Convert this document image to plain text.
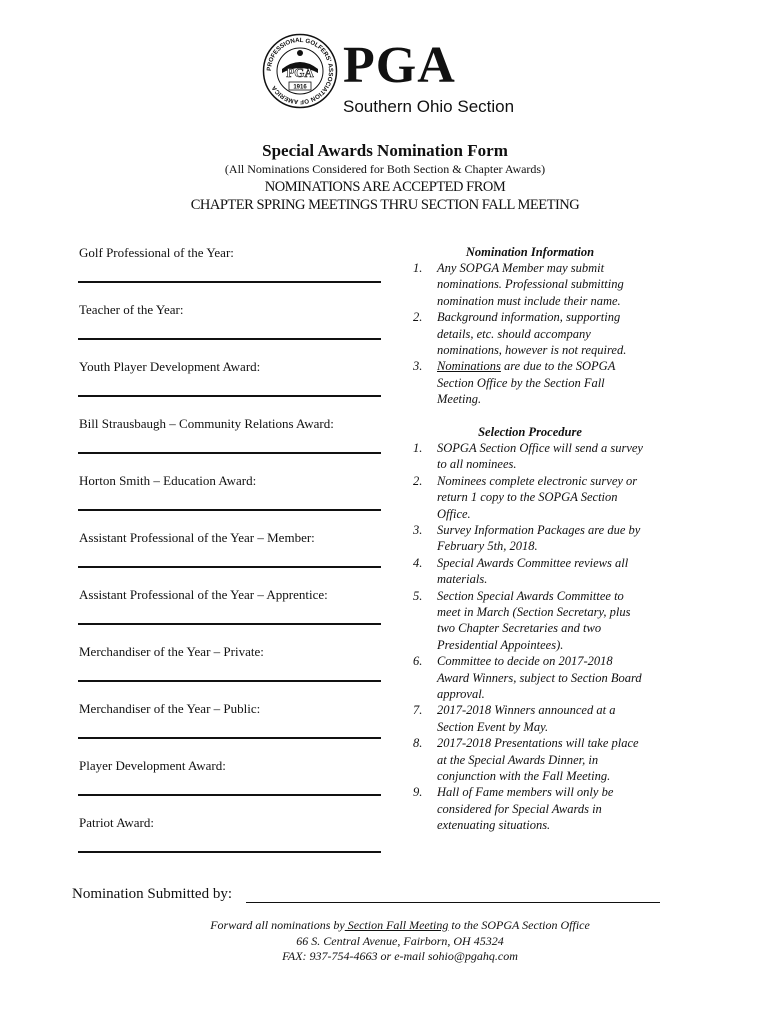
PROFESSIONAL GOLFERS' ASSOCIATION OF AMERICA
PGA
1916 PGA
Southern Ohio Section
Special Awards Nomination Form
(All Nominations Considered for Both Section & Chapter Awards)
NOMINATIONS ARE ACCEPTED FROM
CHAPTER SPRING MEETINGS THRU SECTION FALL MEETING
Golf Professional of the Year:
Teacher of the Year:
Youth Player Development Award:
Bill Strausbaugh – Community Relations Award:
Horton Smith – Education Award:
Assistant Professional of the Year – Member:
Assistant Professional of the Year – Apprentice:
Merchandiser of the Year – Private:
Merchandiser of the Year – Public:
Player Development Award:
Patriot Award:
Nomination Information
1. Any SOPGA Member may submit
nominations. Professional submitting
nomination must include their name.
2. Background information, supporting
details, etc. should accompany
nominations, however is not required.
3. Nominations are due to the SOPGA
Section Office by the Section Fall
Meeting.
Selection Procedure
1. SOPGA Section Office will send a survey
to all nominees.
2. Nominees complete electronic survey or
return 1 copy to the SOPGA Section
Office.
3. Survey Information Packages are due by
February 5th, 2018.
4. Special Awards Committee reviews all
materials.
5. Section Special Awards Committee to
meet in March (Section Secretary, plus
two Chapter Secretaries and two
Presidential Appointees).
6. Committee to decide on 2017-2018
Award Winners, subject to Section Board
approval.
7. 2017-2018 Winners announced at a
Section Event by May.
8. 2017-2018 Presentations will take place
at the Special Awards Dinner, in
conjunction with the Fall Meeting.
9. Hall of Fame members will only be
considered for Special Awards in
extenuating situations.
Nomination Submitted by:
Forward all nominations by Section Fall Meeting to the SOPGA Section Office
66 S. Central Avenue, Fairborn, OH 45324
FAX: 937-754-4663 or e-mail sohio@pgahq.com
